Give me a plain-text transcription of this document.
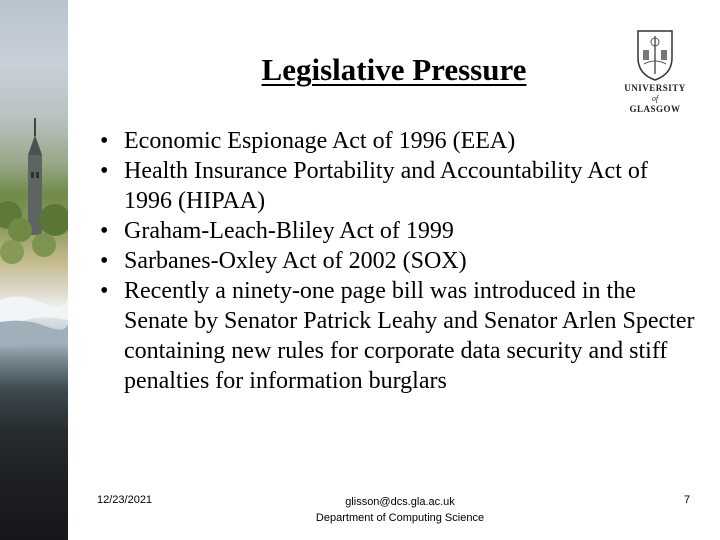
Legislative Pressure
UNIVERSITY
of
GLASGOW
• Economic Espionage Act of 1996 (EEA)
• Health Insurance Portability and Accountability Act of 1996 (HIPAA)
• Graham-Leach-Bliley Act of 1999
• Sarbanes-Oxley Act of 2002 (SOX)
• Recently a ninety-one page bill was introduced in the Senate by Senator Patrick Leahy and Senator Arlen Specter containing new rules for corporate data security and stiff penalties for information burglars
12/23/2021	glisson@dcs.gla.ac.uk
Department of Computing Science
7
